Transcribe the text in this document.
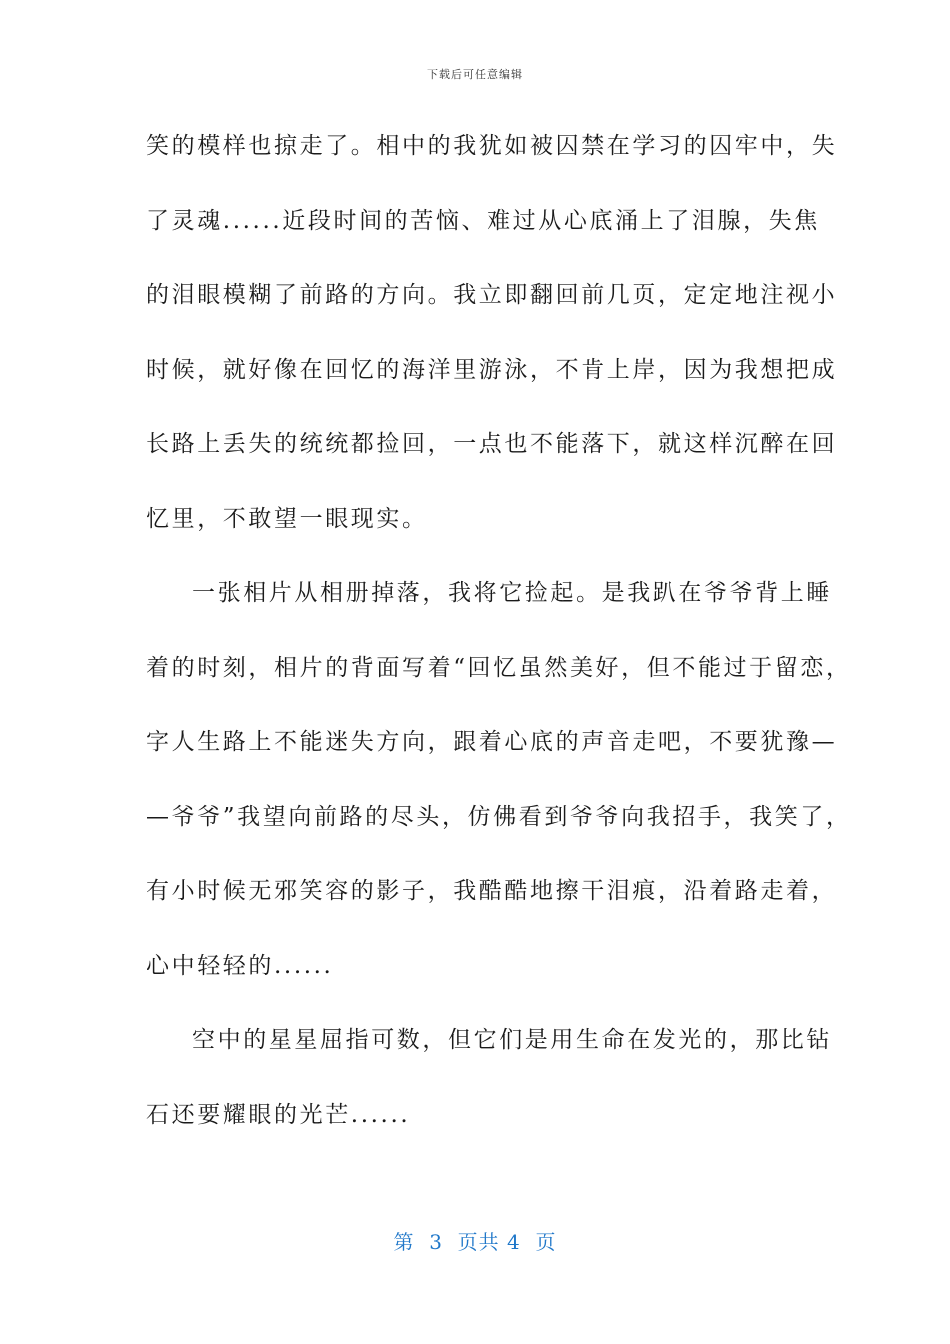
下载后可任意编辑
笑的模样也掠走了。相中的我犹如被囚禁在学习的囚牢中，失
了灵魂......近段时间的苦恼、难过从心底涌上了泪腺，失焦
的泪眼模糊了前路的方向。我立即翻回前几页，定定地注视小
时候，就好像在回忆的海洋里游泳，不肯上岸，因为我想把成
长路上丢失的统统都捡回，一点也不能落下，就这样沉醉在回
忆里，不敢望一眼现实。
一张相片从相册掉落，我将它捡起。是我趴在爷爷背上睡
着的时刻，相片的背面写着“回忆虽然美好，但不能过于留恋，
字人生路上不能迷失方向，跟着心底的声音走吧，不要犹豫—
—爷爷”我望向前路的尽头，仿佛看到爷爷向我招手，我笑了，
有小时候无邪笑容的影子，我酷酷地擦干泪痕，沿着路走着，
心中轻轻的......
空中的星星屈指可数，但它们是用生命在发光的，那比钻
石还要耀眼的光芒......
第  3  页共 4  页
